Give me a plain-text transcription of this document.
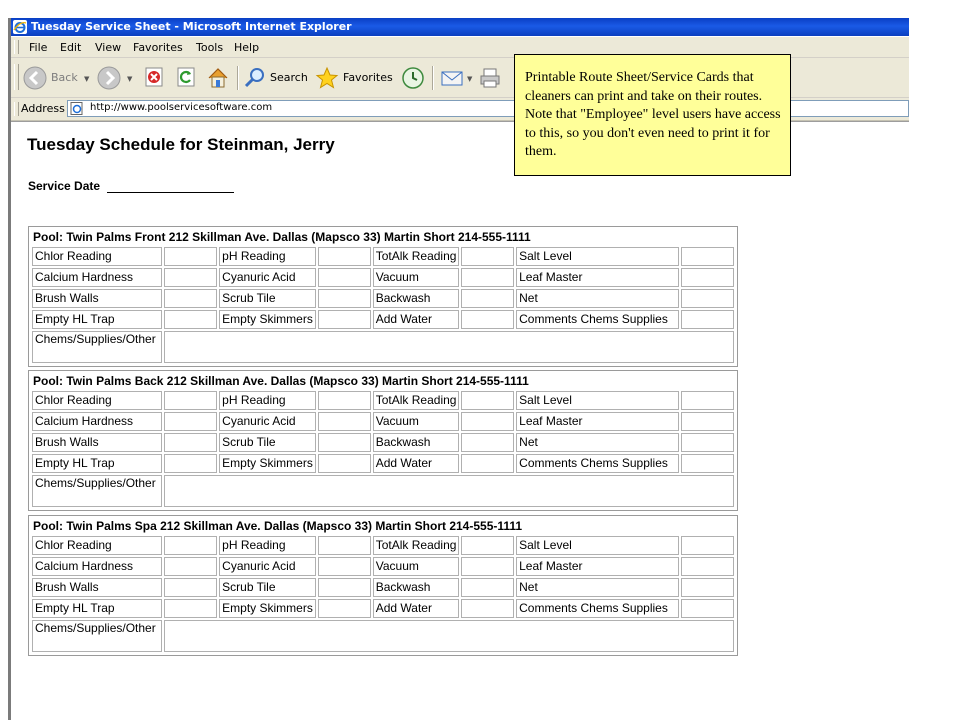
Tuesday Service Sheet - Microsoft Internet Explorer
File Edit View Favorites Tools Help
Back ▼	▼	Search	Favorites	▼
Address	http://www.poolservicesoftware.com
Tuesday Schedule for Steinman, Jerry
Service Date
Pool: Twin Palms Front 212 Skillman Ave. Dallas (Mapsco 33) Martin Short 214-555-1111							
Chlor Reading		pH Reading		TotAlk Reading		Salt Level	
Calcium Hardness		Cyanuric Acid		Vacuum		Leaf Master	
Brush Walls		Scrub Tile		Backwash		Net	
Empty HL Trap		Empty Skimmers		Add Water		Comments Chems Supplies	
Chems/Supplies/Other							
Pool: Twin Palms Back 212 Skillman Ave. Dallas (Mapsco 33) Martin Short 214-555-1111							
Chlor Reading		pH Reading		TotAlk Reading		Salt Level	
Calcium Hardness		Cyanuric Acid		Vacuum		Leaf Master	
Brush Walls		Scrub Tile		Backwash		Net	
Empty HL Trap		Empty Skimmers		Add Water		Comments Chems Supplies	
Chems/Supplies/Other							
Pool: Twin Palms Spa 212 Skillman Ave. Dallas (Mapsco 33) Martin Short 214-555-1111							
Chlor Reading		pH Reading		TotAlk Reading		Salt Level	
Calcium Hardness		Cyanuric Acid		Vacuum		Leaf Master	
Brush Walls		Scrub Tile		Backwash		Net	
Empty HL Trap		Empty Skimmers		Add Water		Comments Chems Supplies	
Chems/Supplies/Other							
Printable Route Sheet/Service Cards that cleaners can print and take on their routes. Note that "Employee" level users have access to this, so you don't even need to print it for them.
